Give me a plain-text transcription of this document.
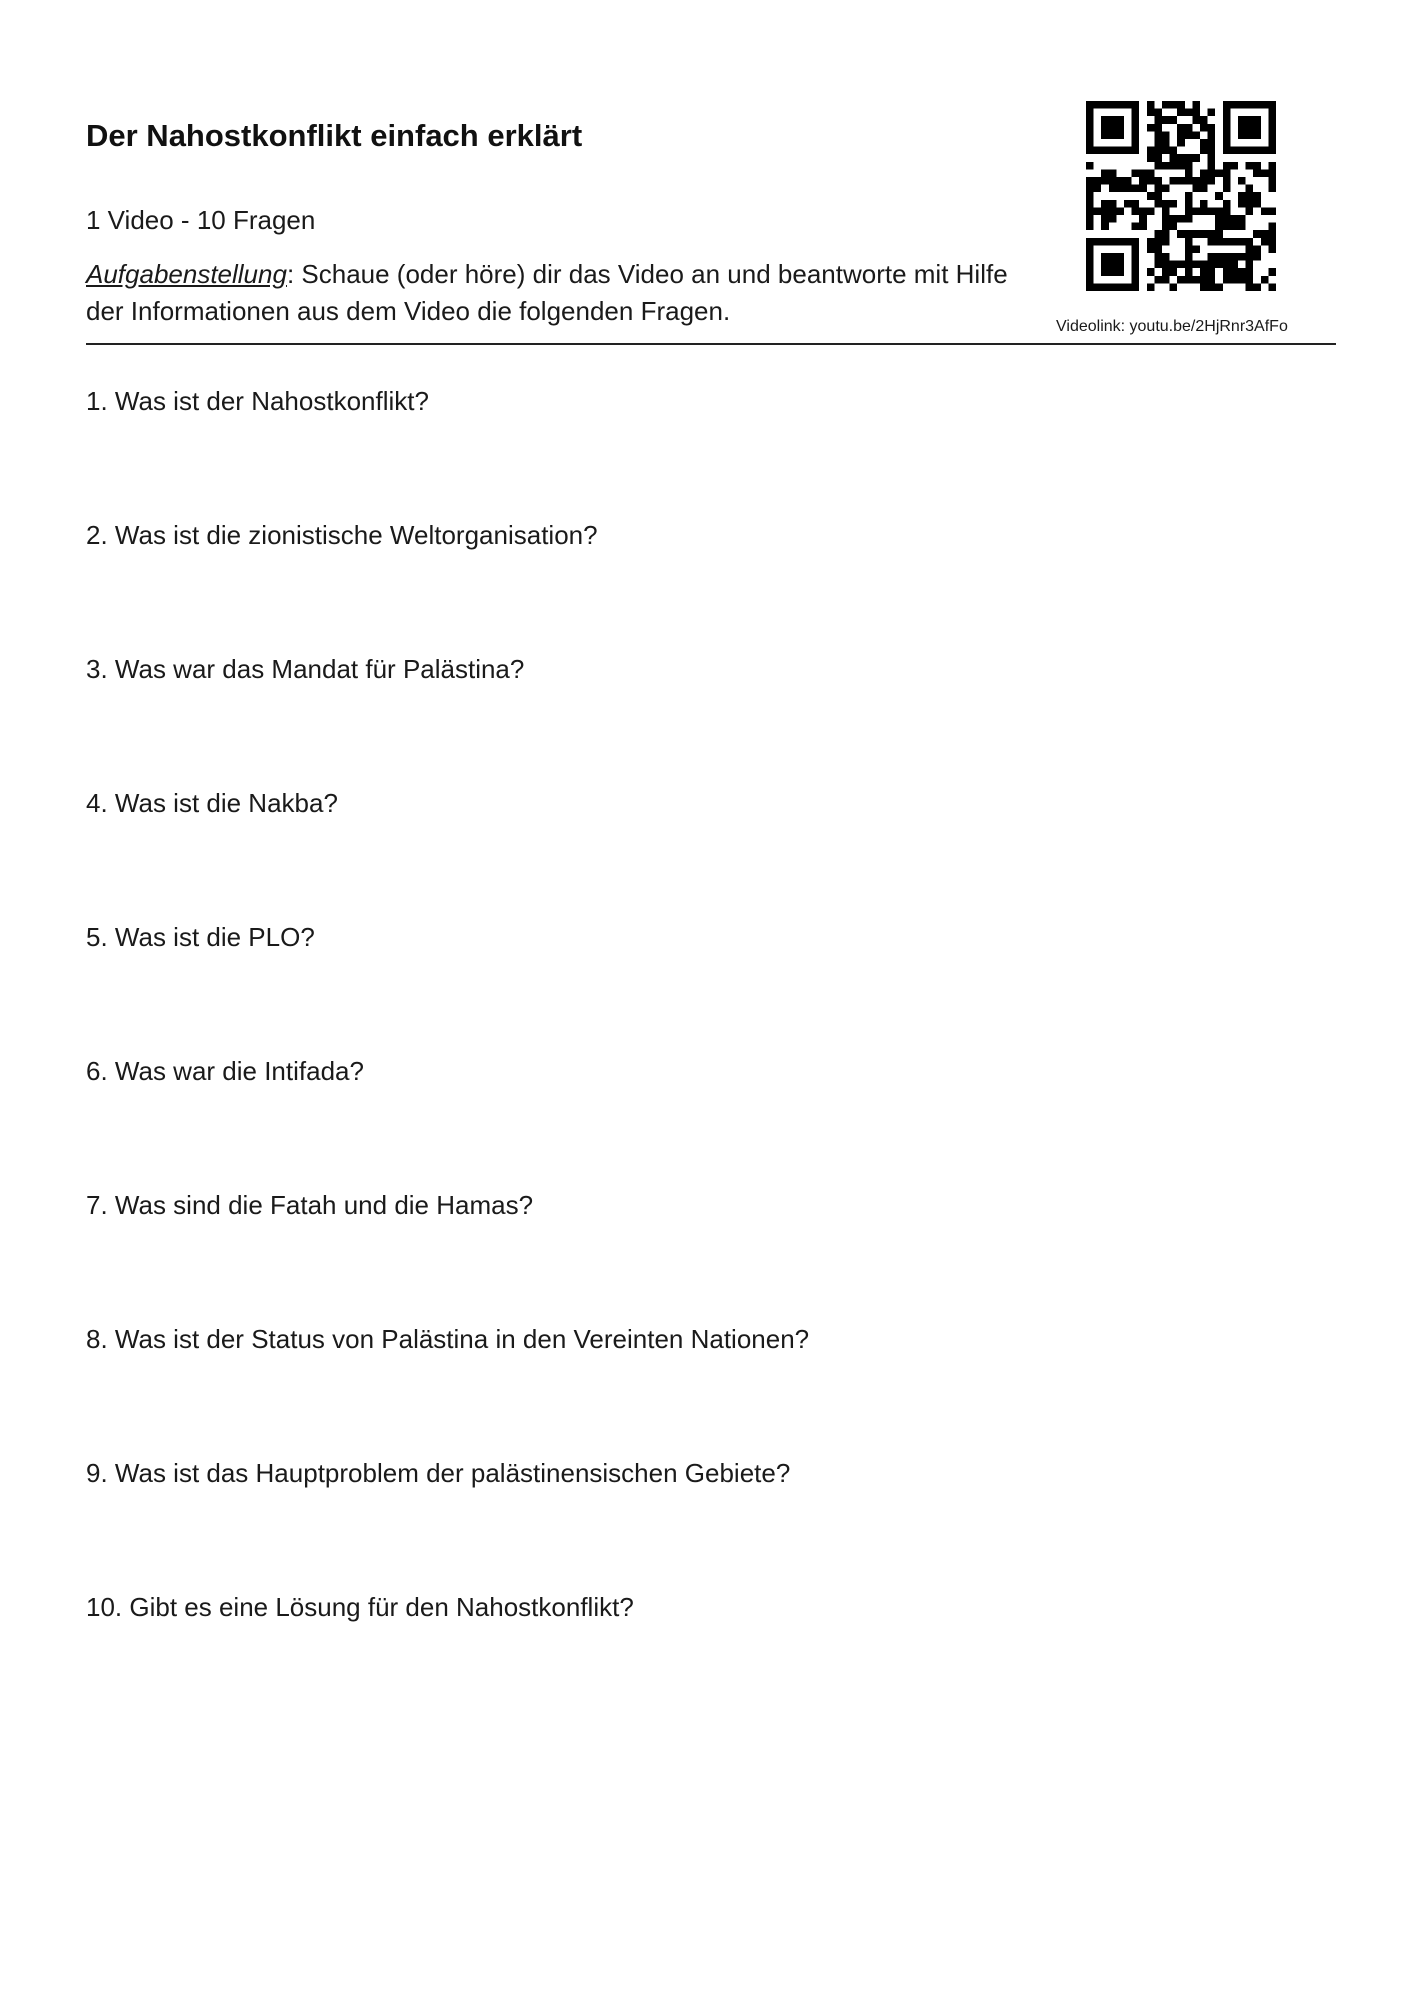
Der Nahostkonflikt einfach erklärt
1 Video - 10 Fragen
Aufgabenstellung: Schaue (oder höre) dir das Video an und beantworte mit Hilfe der Informationen aus dem Video die folgenden Fragen.
Videolink: youtu.be/2HjRnr3AfFo
1. Was ist der Nahostkonflikt?
2. Was ist die zionistische Weltorganisation?
3. Was war das Mandat für Palästina?
4. Was ist die Nakba?
5. Was ist die PLO?
6. Was war die Intifada?
7. Was sind die Fatah und die Hamas?
8. Was ist der Status von Palästina in den Vereinten Nationen?
9. Was ist das Hauptproblem der palästinensischen Gebiete?
10. Gibt es eine Lösung für den Nahostkonflikt?
